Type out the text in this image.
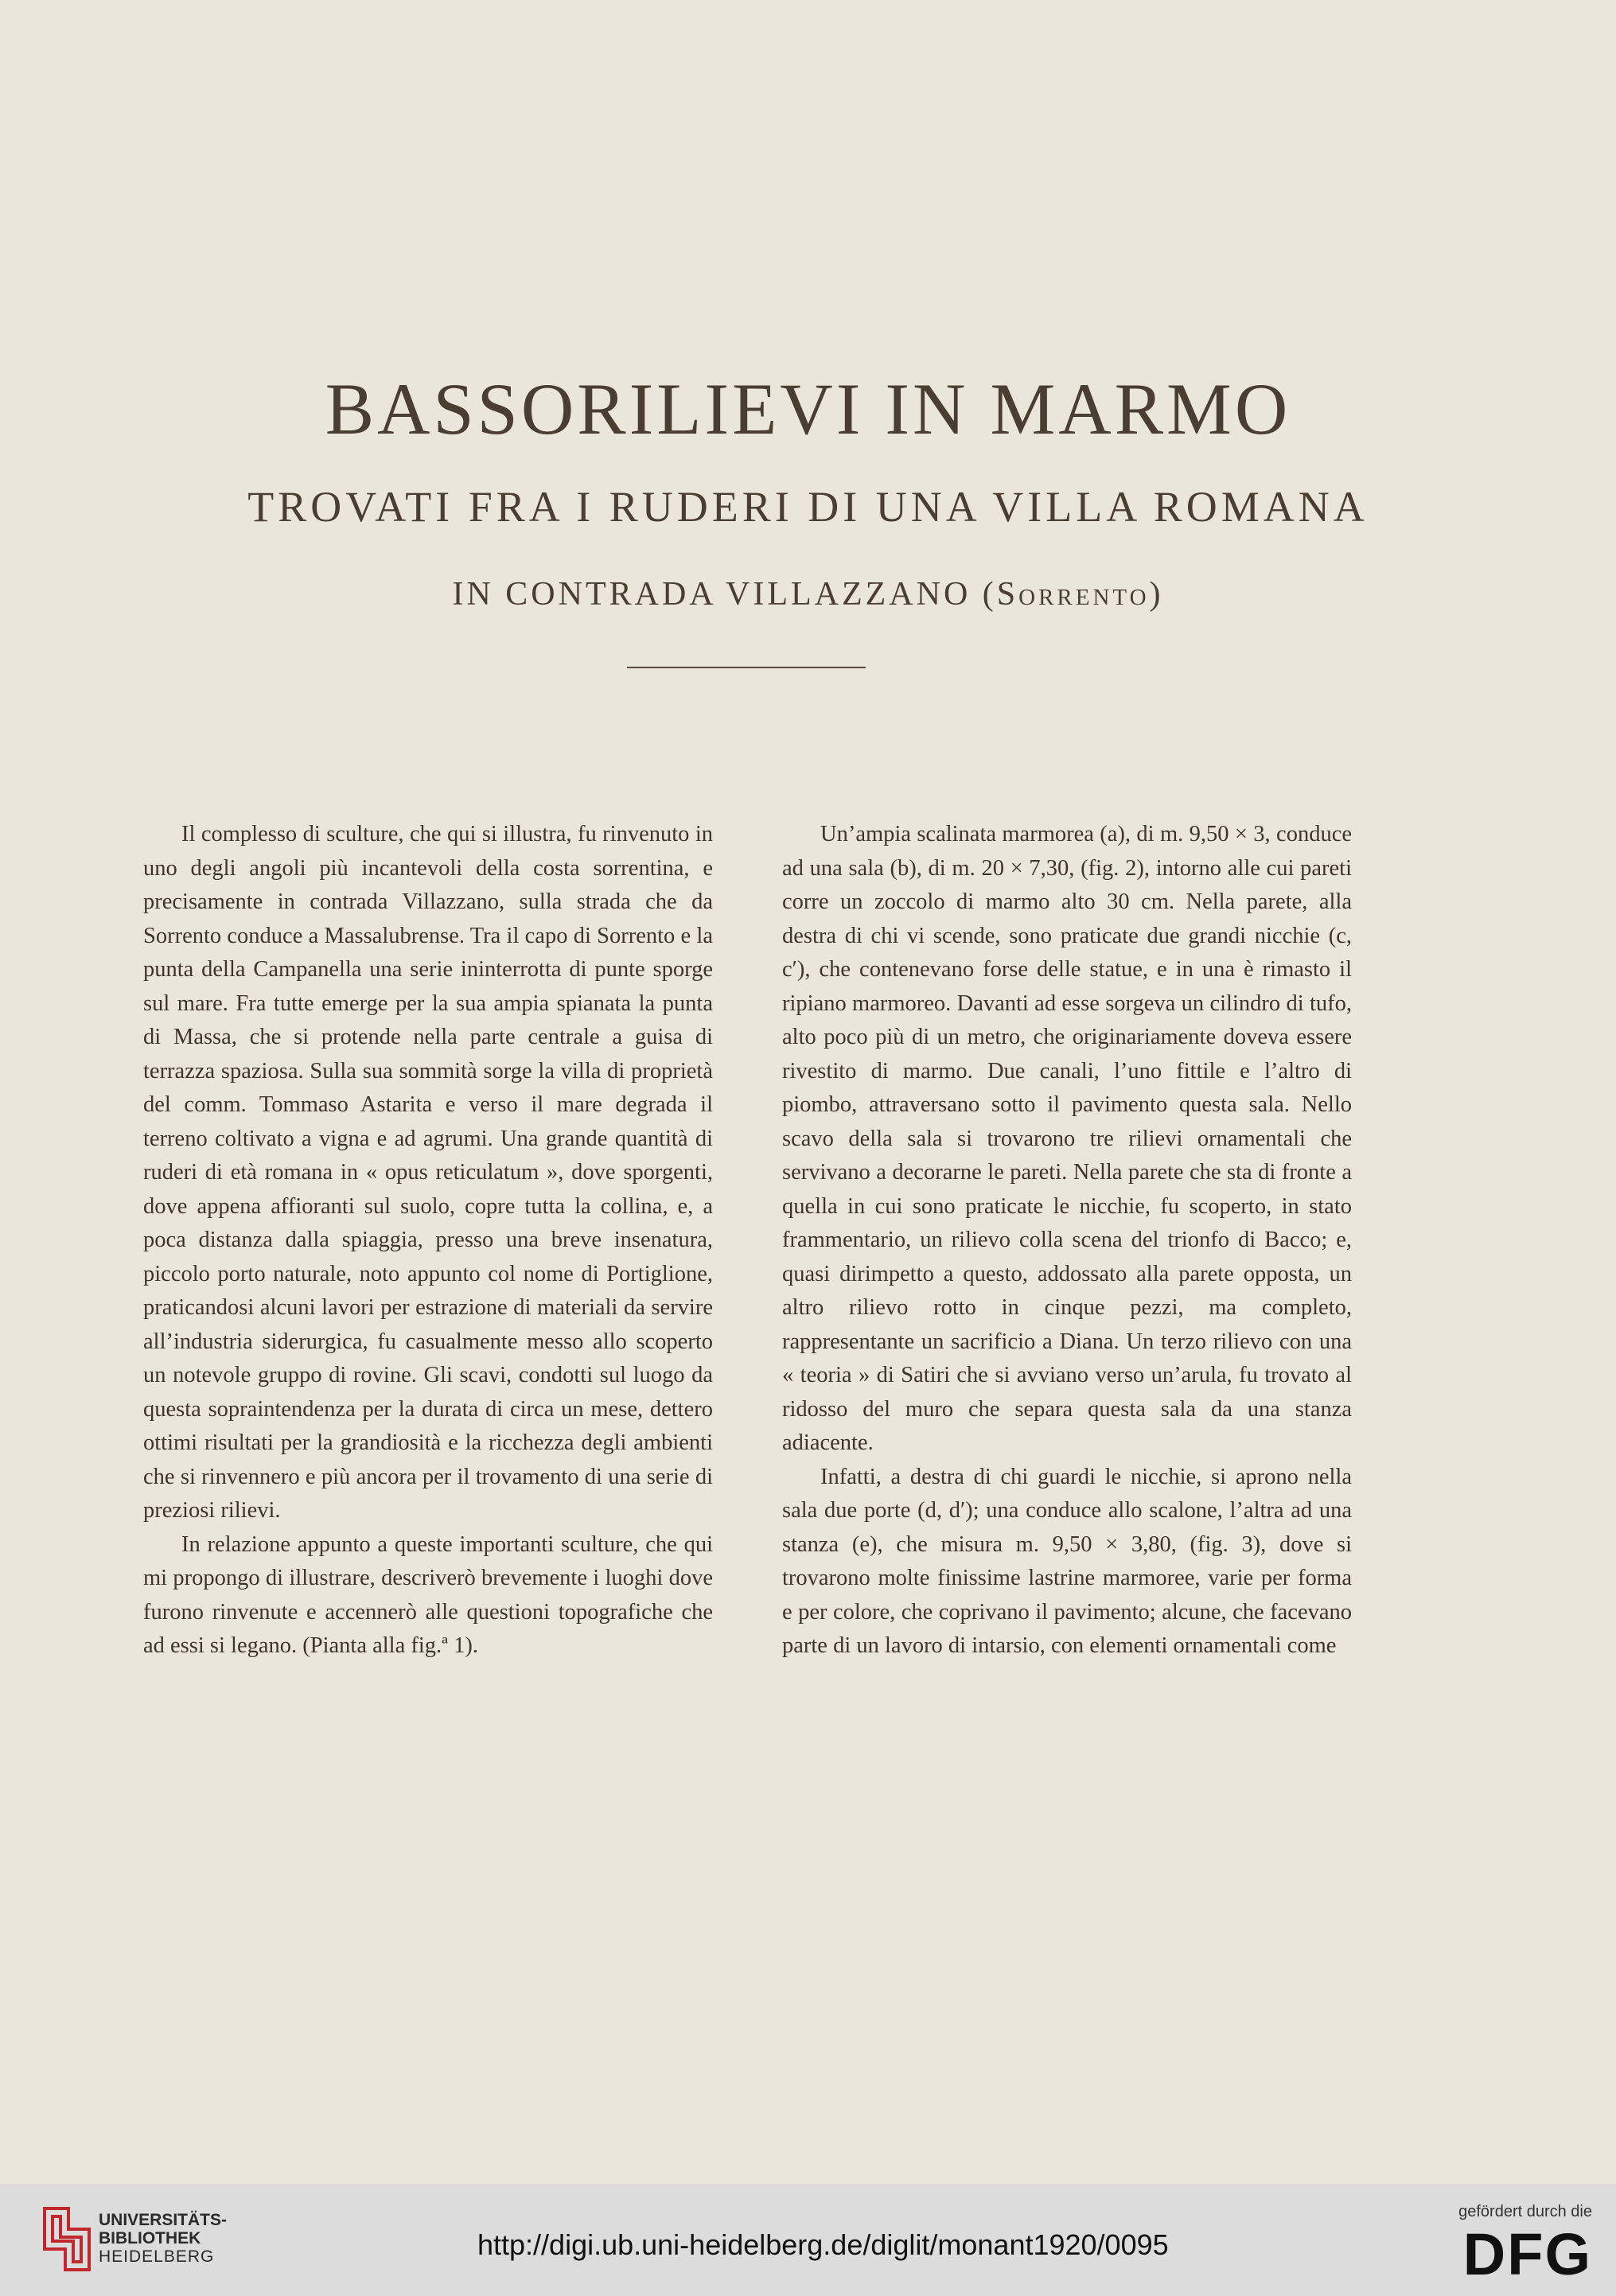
BASSORILIEVI IN MARMO
TROVATI FRA I RUDERI DI UNA VILLA ROMANA
IN CONTRADA VILLAZZANO (Sorrento)

Il complesso di sculture, che qui si illustra, fu rinvenuto in uno degli angoli più incantevoli della costa sorrentina, e precisamente in contrada Villazzano, sulla strada che da Sorrento conduce a Massalubrense. Tra il capo di Sorrento e la punta della Campanella una serie ininterrotta di punte sporge sul mare. Fra tutte emerge per la sua ampia spianata la punta di Massa, che si protende nella parte centrale a guisa di terrazza spaziosa. Sulla sua sommità sorge la villa di proprietà del comm. Tommaso Astarita e verso il mare degrada il terreno coltivato a vigna e ad agrumi. Una grande quantità di ruderi di età romana in « opus reticulatum », dove sporgenti, dove appena affioranti sul suolo, copre tutta la collina, e, a poca distanza dalla spiaggia, presso una breve insenatura, piccolo porto naturale, noto appunto col nome di Portiglione, praticandosi alcuni lavori per estrazione di materiali da servire all’industria siderurgica, fu casualmente messo allo scoperto un notevole gruppo di rovine. Gli scavi, condotti sul luogo da questa sopraintendenza per la durata di circa un mese, dettero ottimi risultati per la grandiosità e la ricchezza degli ambienti che si rinvennero e più ancora per il trovamento di una serie di preziosi rilievi.

In relazione appunto a queste importanti sculture, che qui mi propongo di illustrare, descriverò brevemente i luoghi dove furono rinvenute e accennerò alle questioni topografiche che ad essi si legano. (Pianta alla fig.ª 1).

Un’ampia scalinata marmorea (a), di m. 9,50 × 3, conduce ad una sala (b), di m. 20 × 7,30, (fig. 2), intorno alle cui pareti corre un zoccolo di marmo alto 30 cm. Nella parete, alla destra di chi vi scende, sono praticate due grandi nicchie (c, c′), che contenevano forse delle statue, e in una è rimasto il ripiano marmoreo. Davanti ad esse sorgeva un cilindro di tufo, alto poco più di un metro, che originariamente doveva essere rivestito di marmo. Due canali, l’uno fittile e l’altro di piombo, attraversano sotto il pavimento questa sala. Nello scavo della sala si trovarono tre rilievi ornamentali che servivano a decorarne le pareti. Nella parete che sta di fronte a quella in cui sono praticate le nicchie, fu scoperto, in stato frammentario, un rilievo colla scena del trionfo di Bacco; e, quasi dirimpetto a questo, addossato alla parete opposta, un altro rilievo rotto in cinque pezzi, ma completo, rappresentante un sacrificio a Diana. Un terzo rilievo con una « teoria » di Satiri che si avviano verso un’arula, fu trovato al ridosso del muro che separa questa sala da una stanza adiacente.

Infatti, a destra di chi guardi le nicchie, si aprono nella sala due porte (d, d′); una conduce allo scalone, l’altra ad una stanza (e), che misura m. 9,50 × 3,80, (fig. 3), dove si trovarono molte finissime lastrine marmoree, varie per forma e per colore, che coprivano il pavimento; alcune, che facevano parte di un lavoro di intarsio, con elementi ornamentali come

UNIVERSITÄTS-
BIBLIOTHEK
HEIDELBERG	http://digi.ub.uni-heidelberg.de/diglit/monant1920/0095
gefördert durch die
DFG
